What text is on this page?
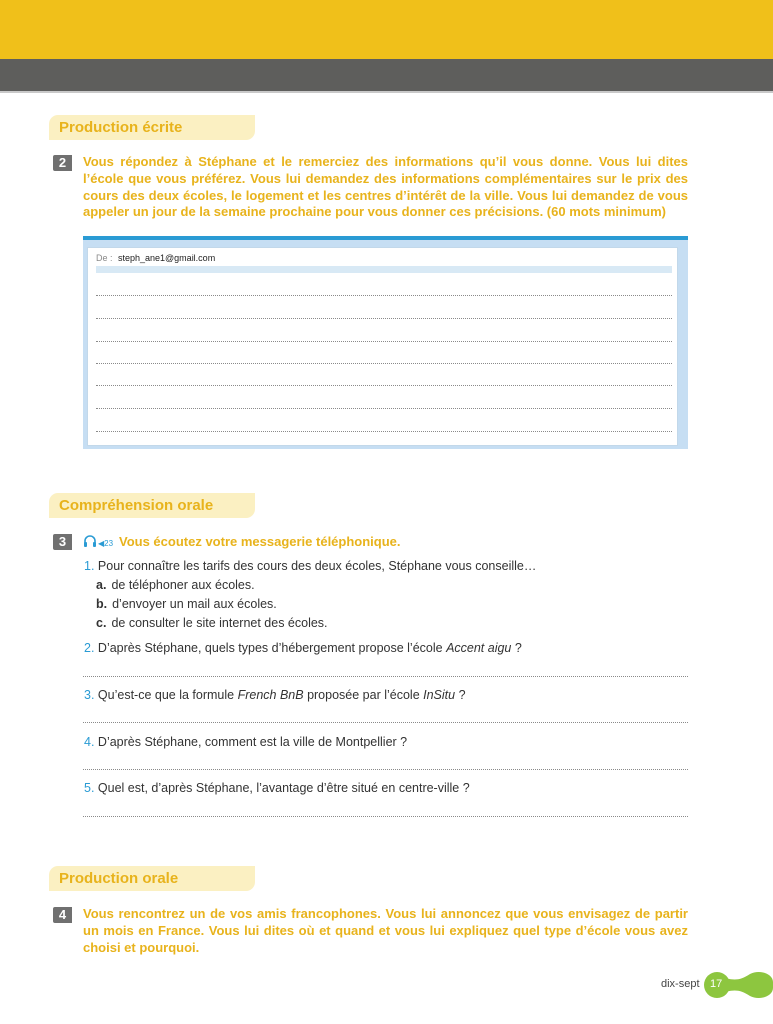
Production écrite
2	Vous répondez à Stéphane et le remerciez des informations qu’il vous donne. Vous lui dites l’école que vous préférez. Vous lui demandez des informations complémentaires sur le prix des cours des deux écoles, le logement et les centres d’intérêt de la ville. Vous lui demandez de vous appeler un jour de la semaine prochaine pour vous donner ces précisions. (60 mots minimum)
De : steph_ane1@gmail.com
Compréhension orale
3	◀23 Vous écoutez votre messagerie téléphonique.
1. Pour connaître les tarifs des cours des deux écoles, Stéphane vous conseille…
a. de téléphoner aux écoles.
b. d’envoyer un mail aux écoles.
c. de consulter le site internet des écoles.
2. D’après Stéphane, quels types d’hébergement propose l’école Accent aigu ?
3. Qu’est-ce que la formule French BnB proposée par l’école InSitu ?
4. D’après Stéphane, comment est la ville de Montpellier ?
5. Quel est, d’après Stéphane, l’avantage d’être situé en centre-ville ?
Production orale
4	Vous rencontrez un de vos amis francophones. Vous lui annoncez que vous envisagez de partir un mois en France. Vous lui dites où et quand et vous lui expliquez quel type d’école vous avez choisi et pourquoi.
dix-sept 17
